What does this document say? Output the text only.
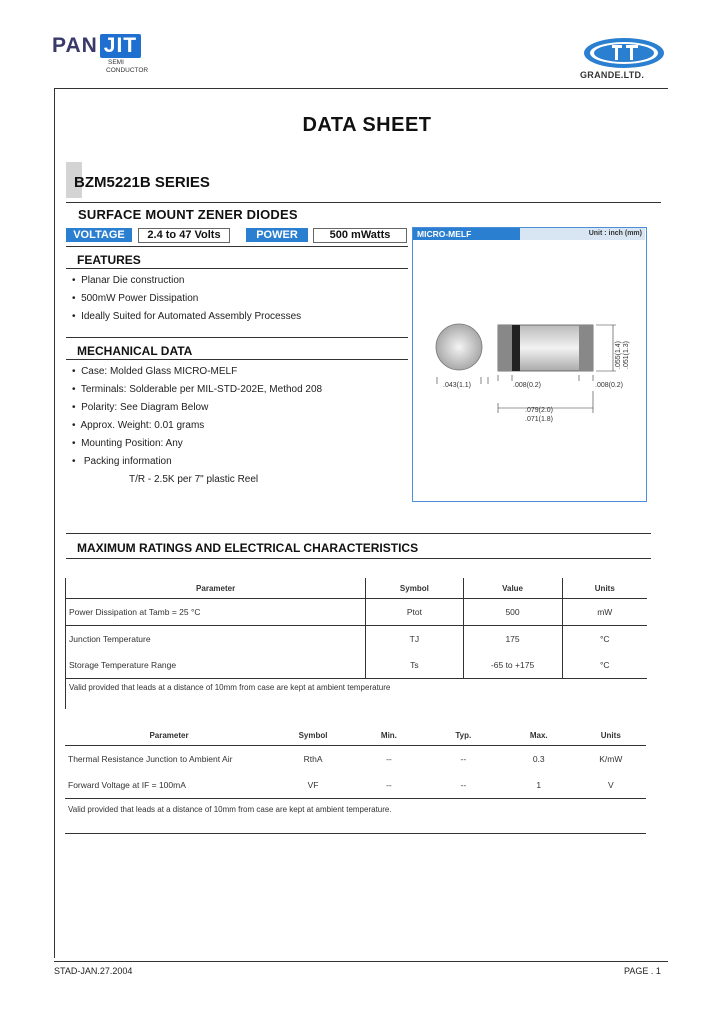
PAN JIT
SEMI
CONDUCTOR	GRANDE.LTD.
DATA SHEET
BZM5221B SERIES
SURFACE MOUNT ZENER DIODES
VOLTAGE	2.4 to 47 Volts	POWER	500 mWatts
FEATURES
•  Planar Die construction
•  500mW Power Dissipation
•  Ideally Suited for Automated Assembly Processes
MECHANICAL DATA
•  Case: Molded Glass MICRO-MELF
•  Terminals: Solderable per MIL-STD-202E, Method 208
•  Polarity: See Diagram Below
•  Approx. Weight: 0.01 grams
•  Mounting Position: Any
•   Packing information
T/R - 2.5K per 7" plastic Reel
MICRO-MELF	Unit : inch (mm)
.043(1.1)	.008(0.2)	.008(0.2)
.079(2.0)
.071(1.8)
.055(1.4) .051(1.3)
MAXIMUM RATINGS AND ELECTRICAL CHARACTERISTICS
Parameter	Symbol	Value	Units
Power Dissipation at Tamb = 25 °C	Ptot	500	mW
Junction Temperature	TJ	175	°C
Storage Temperature Range	Ts	-65 to +175	°C
Valid provided that leads at a distance of 10mm from case are kept at ambient temperature			
Parameter	Symbol	Min.	Typ.	Max.	Units
Thermal Resistance Junction to Ambient Air	RthA	--	--	0.3	K/mW
Forward Voltage at IF = 100mA	VF	--	--	1	V
Valid provided that leads at a distance of 10mm from case are kept at ambient temperature.					
STAD-JAN.27.2004	PAGE . 1
